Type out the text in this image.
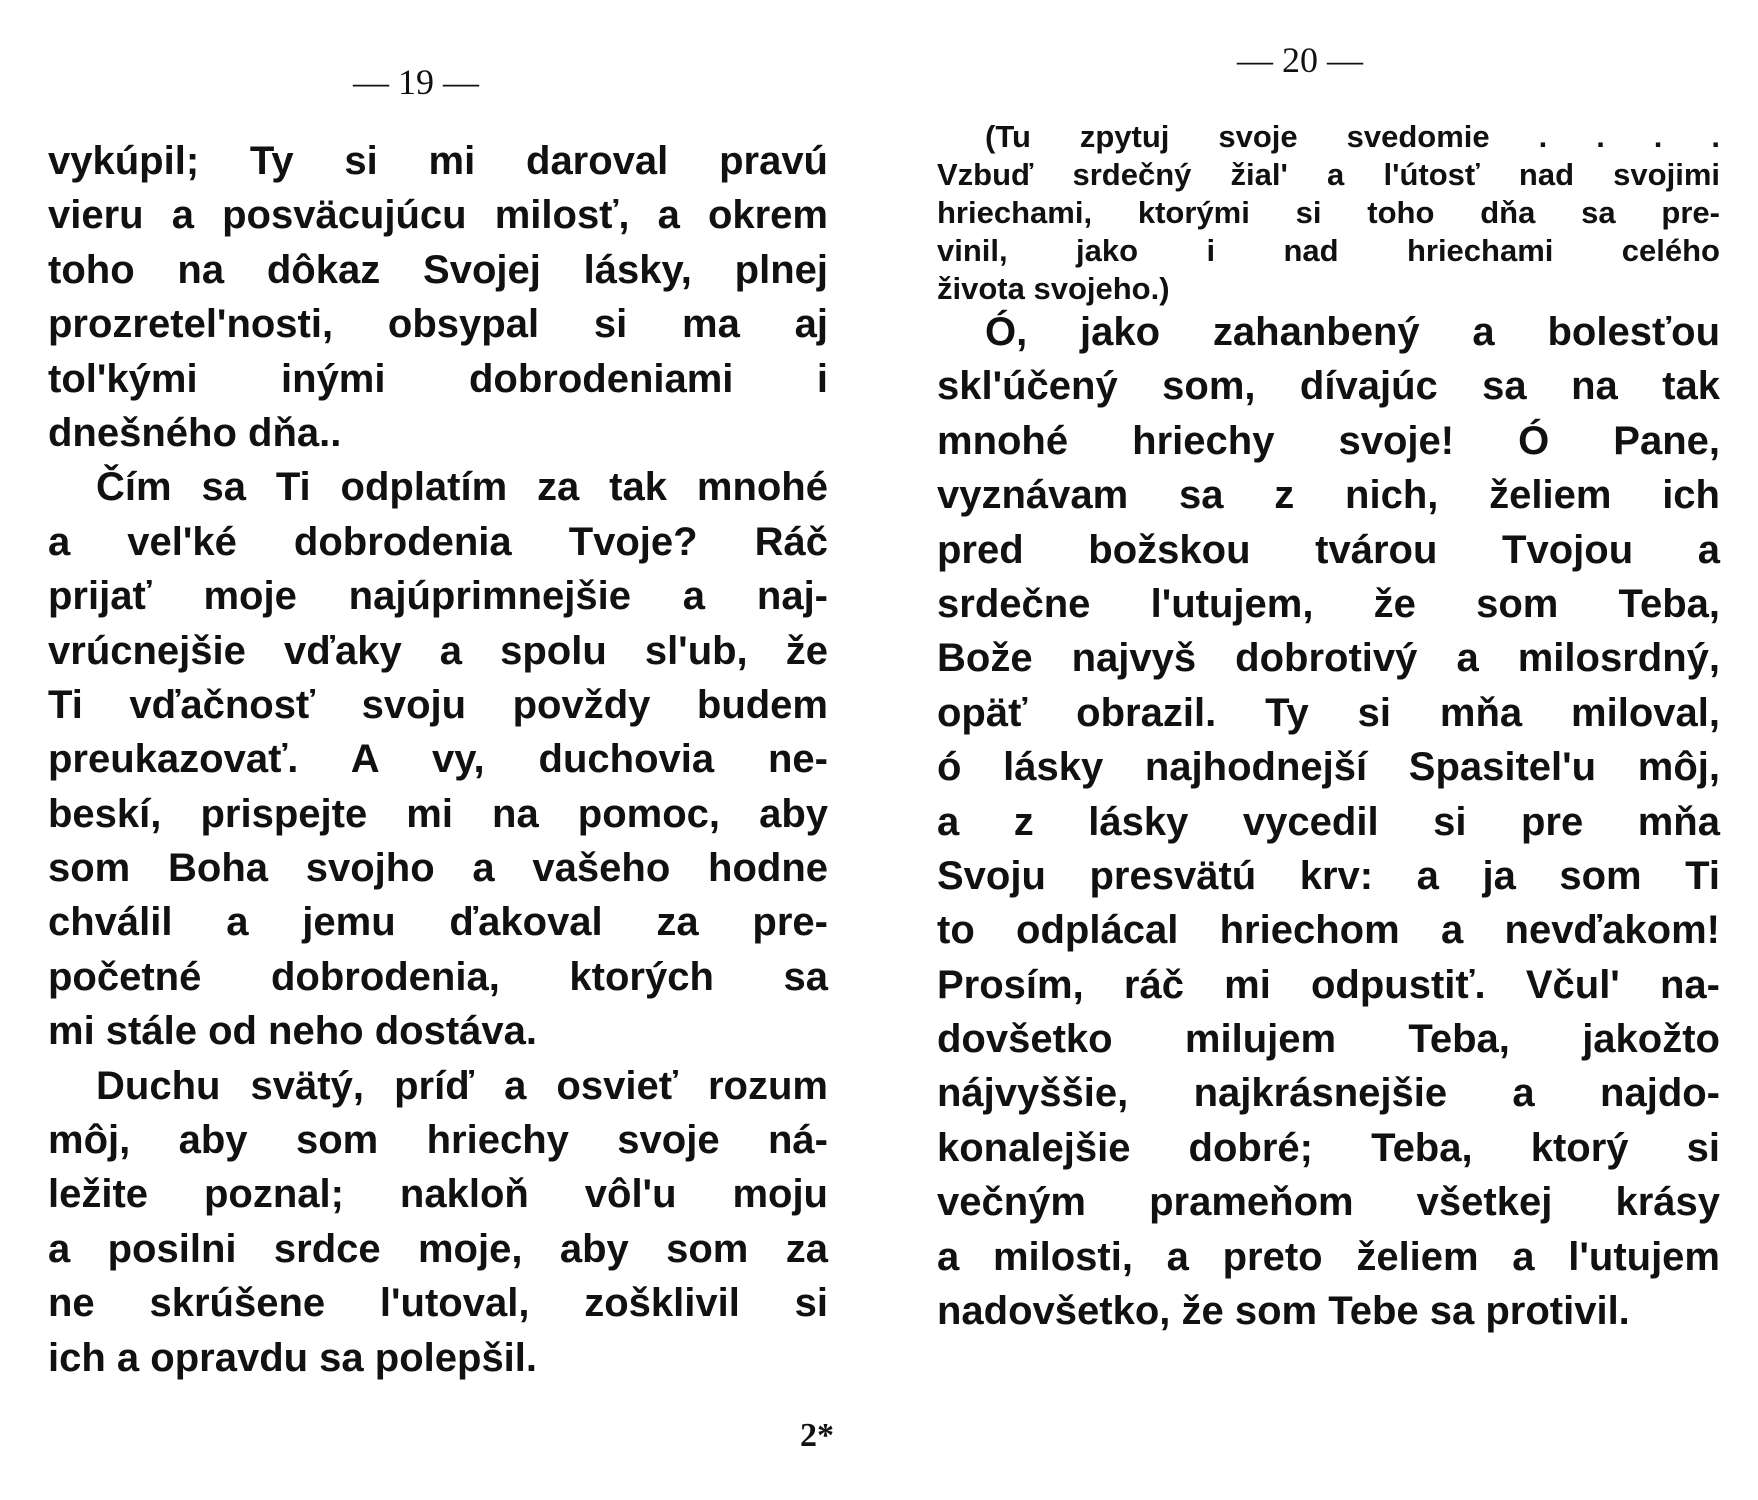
— 19 —
vykúpil; Ty si mi daroval pravú
vieru a posväcujúcu milosť, a okrem
toho na dôkaz Svojej lásky, plnej
prozretel'nosti, obsypal si ma aj
tol'kými inými dobrodeniami i
dnešného dňa..
Čím sa Ti odplatím za tak mnohé
a vel'ké dobrodenia Tvoje? Ráč
prijať moje najúprimnejšie a naj-
vrúcnejšie vďaky a spolu sl'ub, že
Ti vďačnosť svoju povždy budem
preukazovať. A vy, duchovia ne-
beskí, prispejte mi na pomoc, aby
som Boha svojho a vašeho hodne
chválil a jemu ďakoval za pre-
početné dobrodenia, ktorých sa
mi stále od neho dostáva.
Duchu svätý, príď a osvieť rozum
môj, aby som hriechy svoje ná-
ležite poznal; nakloň vôl'u moju
a posilni srdce moje, aby som za
ne skrúšene l'utoval, zošklivil si
ich a opravdu sa polepšil.
2*
— 20 —
(Tu zpytuj svoje svedomie . . . .
Vzbuď srdečný žial' a l'útosť nad svojimi
hriechami, ktorými si toho dňa sa pre-
vinil, jako i nad hriechami celého
života svojeho.)
Ó, jako zahanbený a bolesťou
skl'účený som, dívajúc sa na tak
mnohé hriechy svoje! Ó Pane,
vyznávam sa z nich, želiem ich
pred božskou tvárou Tvojou a
srdečne l'utujem, že som Teba,
Bože najvyš dobrotivý a milosrdný,
opäť obrazil. Ty si mňa miloval,
ó lásky najhodnejší Spasitel'u môj,
a z lásky vycedil si pre mňa
Svoju presvätú krv: a ja som Ti
to odplácal hriechom a nevďakom!
Prosím, ráč mi odpustiť. Včul' na-
dovšetko milujem Teba, jakožto
nájvyššie, najkrásnejšie a najdo-
konalejšie dobré; Teba, ktorý si
večným prameňom všetkej krásy
a milosti, a preto želiem a l'utujem
nadovšetko, že som Tebe sa protivil.
